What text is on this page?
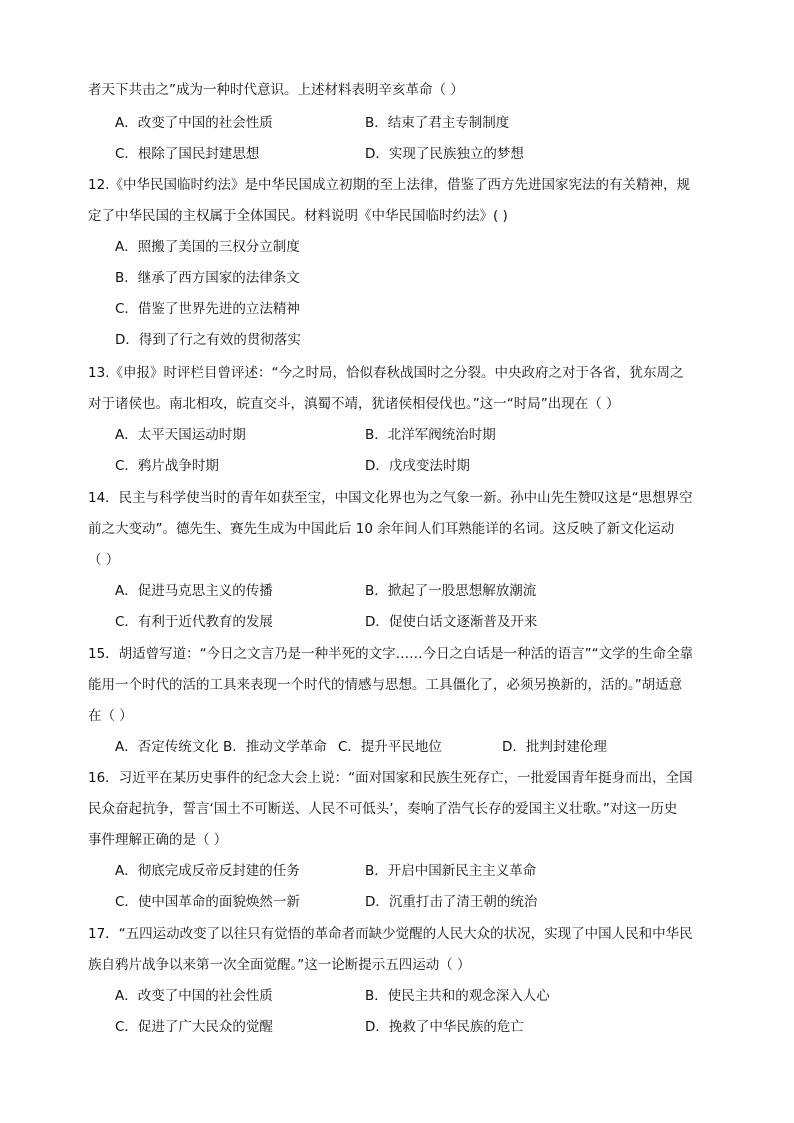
者天下共击之”成为一种时代意识。上述材料表明辛亥革命（ ）
A．改变了中国的社会性质	B．结束了君主专制制度
C．根除了国民封建思想	D．实现了民族独立的梦想
12.《中华民国临时约法》是中华民国成立初期的至上法律，借鉴了西方先进国家宪法的有关精神，规
定了中华民国的主权属于全体国民。材料说明《中华民国临时约法》( )
A．照搬了美国的三权分立制度
B．继承了西方国家的法律条文
C．借鉴了世界先进的立法精神
D．得到了行之有效的贯彻落实
13.《申报》时评栏目曾评述：“今之时局，恰似春秋战国时之分裂。中央政府之对于各省，犹东周之
对于诸侯也。南北相攻，皖直交斗，滇蜀不靖，犹诸侯相侵伐也。”这一“时局”出现在（ ）
A．太平天国运动时期	B．北洋军阀统治时期
C．鸦片战争时期	D．戊戌变法时期
14．民主与科学使当时的青年如获至宝，中国文化界也为之气象一新。孙中山先生赞叹这是“思想界空
前之大变动”。德先生、赛先生成为中国此后 10 余年间人们耳熟能详的名词。这反映了新文化运动
（ ）
A．促进马克思主义的传播	B．掀起了一股思想解放潮流
C．有利于近代教育的发展	D．促使白话文逐渐普及开来
15．胡适曾写道：“今日之文言乃是一种半死的文字……今日之白话是一种活的语言”“文学的生命全靠
能用一个时代的活的工具来表现一个时代的情感与思想。工具僵化了，必须另换新的，活的。”胡适意
在（ ）
A．否定传统文化 B．推动文学革命 C．提升平民地位	D．批判封建伦理
16．习近平在某历史事件的纪念大会上说：“面对国家和民族生死存亡，一批爱国青年挺身而出，全国
民众奋起抗争，誓言‘国土不可断送、人民不可低头’，奏响了浩气长存的爱国主义壮歌。”对这一历史
事件理解正确的是（ ）
A．彻底完成反帝反封建的任务	B．开启中国新民主主义革命
C．使中国革命的面貌焕然一新	D．沉重打击了清王朝的统治
17．“五四运动改变了以往只有觉悟的革命者而缺少觉醒的人民大众的状况，实现了中国人民和中华民
族自鸦片战争以来第一次全面觉醒。”这一论断提示五四运动（ ）
A．改变了中国的社会性质	B．使民主共和的观念深入人心
C．促进了广大民众的觉醒	D．挽救了中华民族的危亡
